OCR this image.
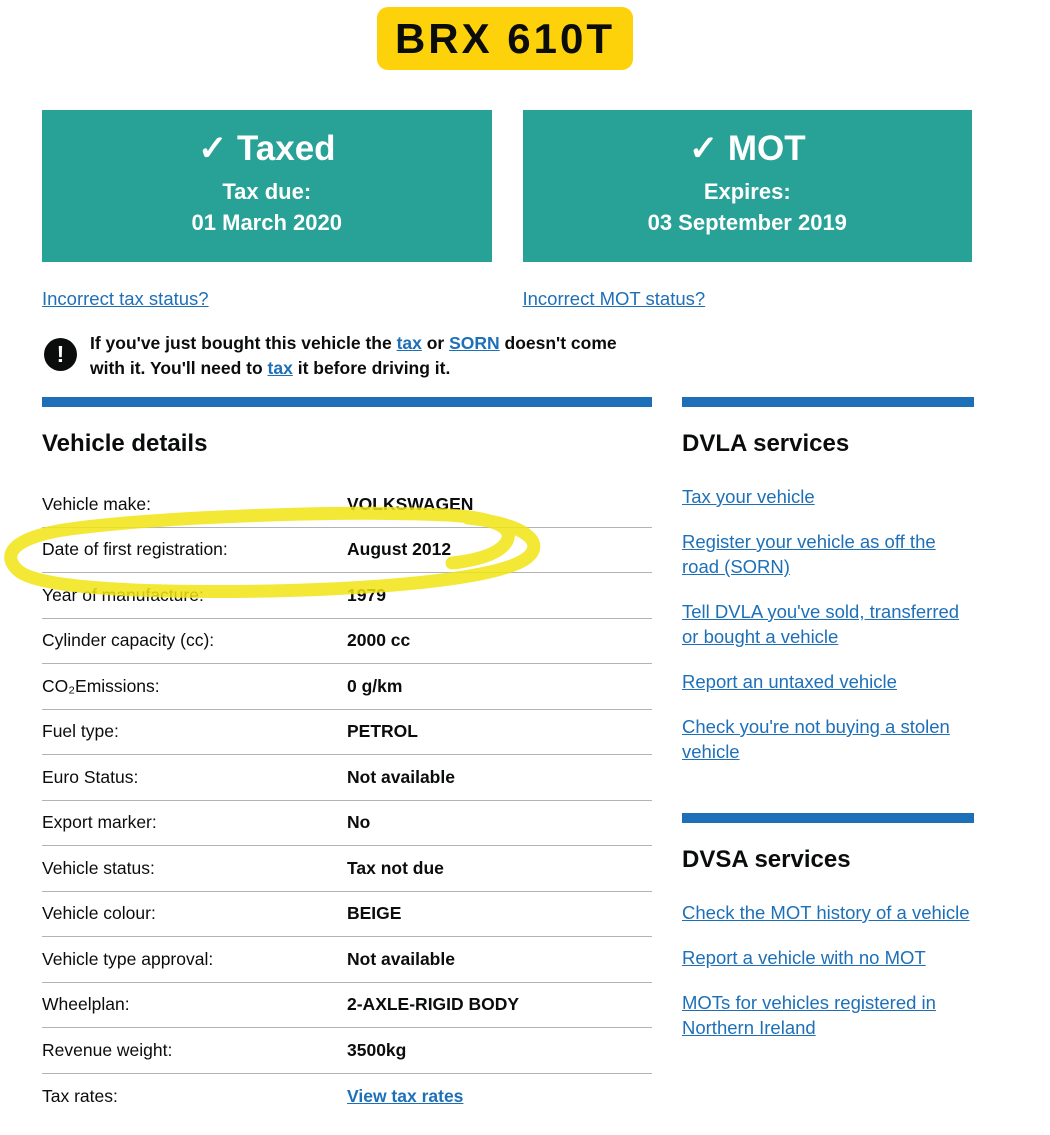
BRX 610T
✓ Taxed
Tax due:
01 March 2020
Incorrect tax status?
✓ MOT
Expires:
03 September 2019
Incorrect MOT status?
!	If you've just bought this vehicle the tax or SORN doesn't come with it. You'll need to tax it before driving it.
Vehicle details
Vehicle make:	VOLKSWAGEN
Date of first registration:	August 2012
Year of manufacture:	1979
Cylinder capacity (cc):	2000 cc
CO₂Emissions:	0 g/km
Fuel type:	PETROL
Euro Status:	Not available
Export marker:	No
Vehicle status:	Tax not due
Vehicle colour:	BEIGE
Vehicle type approval:	Not available
Wheelplan:	2-AXLE-RIGID BODY
Revenue weight:	3500kg
Tax rates:	View tax rates
DVLA services
Tax your vehicle
Register your vehicle as off the road (SORN)
Tell DVLA you've sold, transferred or bought a vehicle
Report an untaxed vehicle
Check you're not buying a stolen vehicle
DVSA services
Check the MOT history of a vehicle
Report a vehicle with no MOT
MOTs for vehicles registered in Northern Ireland
